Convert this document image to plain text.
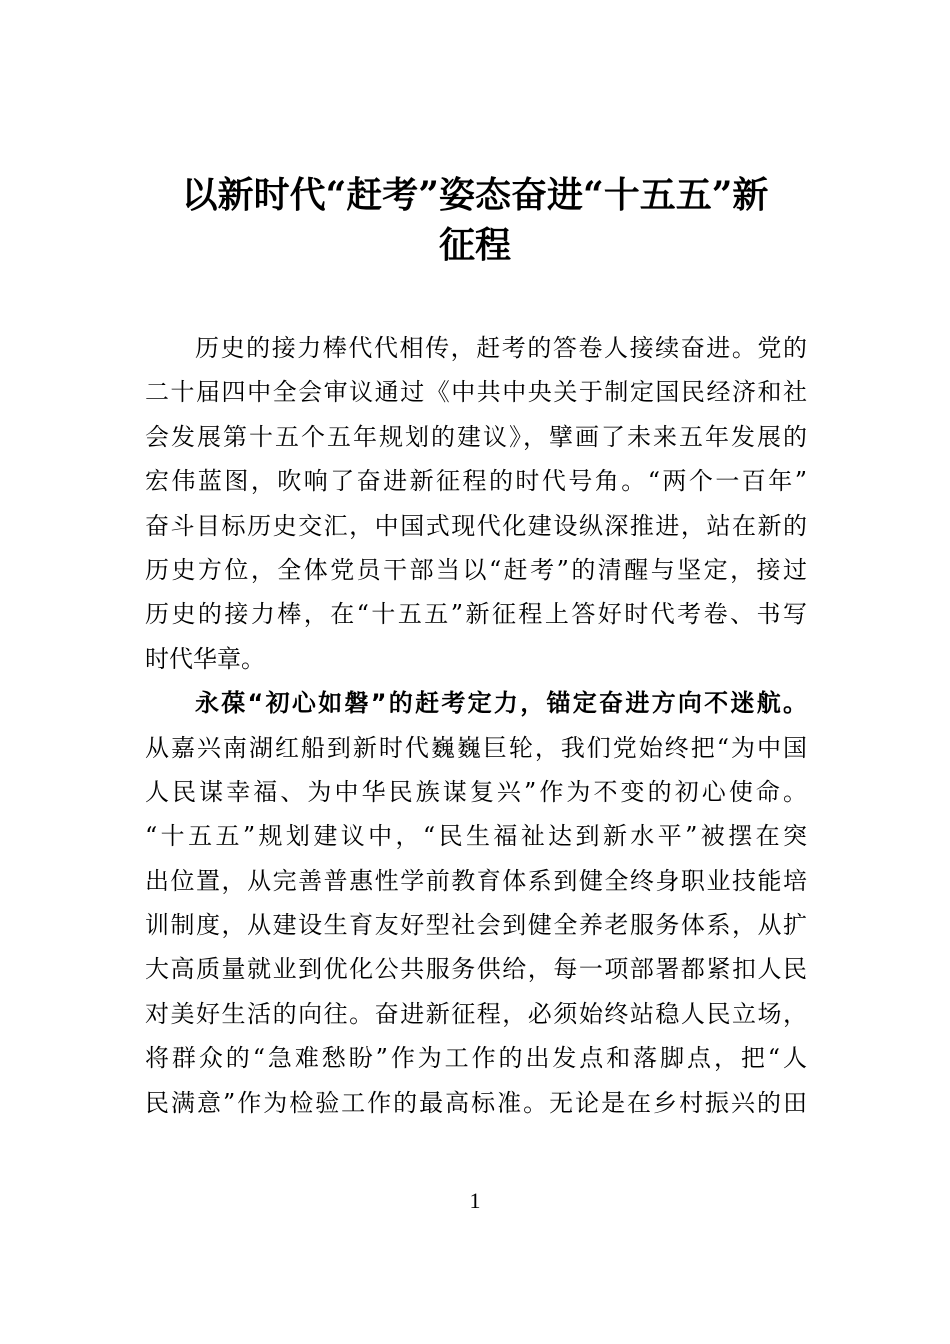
以新时代“赶考”姿态奋进“十五五”新
征程
历史的接力棒代代相传，赶考的答卷人接续奋进。党的
二十届四中全会审议通过《中共中央关于制定国民经济和社
会发展第十五个五年规划的建议》，擘画了未来五年发展的
宏伟蓝图，吹响了奋进新征程的时代号角。“两个一百年”
奋斗目标历史交汇，中国式现代化建设纵深推进，站在新的
历史方位，全体党员干部当以“赶考”的清醒与坚定，接过
历史的接力棒，在“十五五”新征程上答好时代考卷、书写
时代华章。
永葆“初心如磐”的赶考定力，锚定奋进方向不迷航。
从嘉兴南湖红船到新时代巍巍巨轮，我们党始终把“为中国
人民谋幸福、为中华民族谋复兴”作为不变的初心使命。
“十五五”规划建议中，“民生福祉达到新水平”被摆在突
出位置，从完善普惠性学前教育体系到健全终身职业技能培
训制度，从建设生育友好型社会到健全养老服务体系，从扩
大高质量就业到优化公共服务供给，每一项部署都紧扣人民
对美好生活的向往。奋进新征程，必须始终站稳人民立场，
将群众的“急难愁盼”作为工作的出发点和落脚点，把“人
民满意”作为检验工作的最高标准。无论是在乡村振兴的田
1
